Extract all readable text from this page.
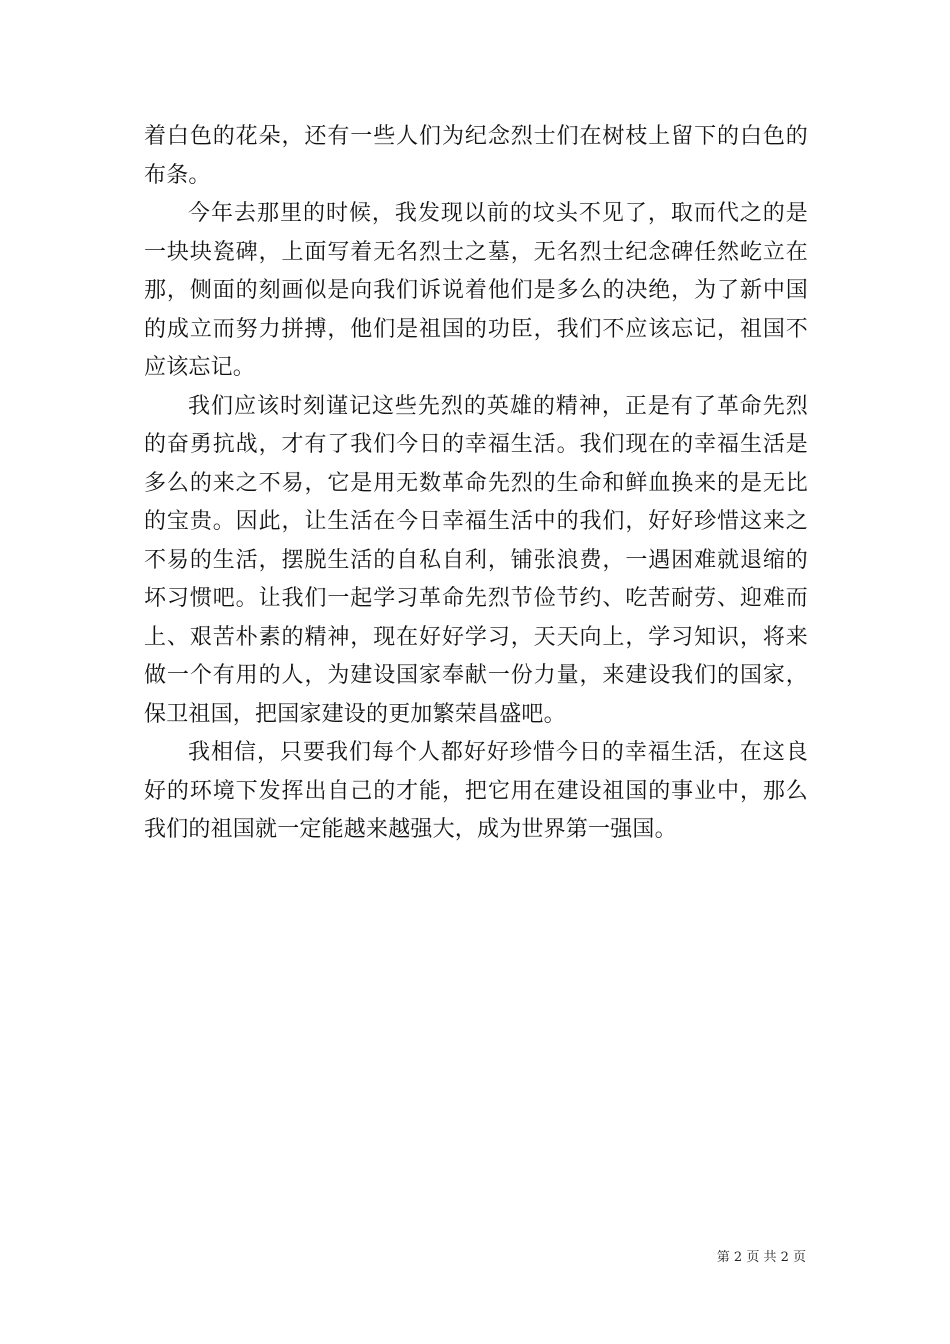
着白色的花朵，还有一些人们为纪念烈士们在树枝上留下的白色的布条。

今年去那里的时候，我发现以前的坟头不见了，取而代之的是一块块瓷碑，上面写着无名烈士之墓，无名烈士纪念碑任然屹立在那，侧面的刻画似是向我们诉说着他们是多么的决绝，为了新中国的成立而努力拼搏，他们是祖国的功臣，我们不应该忘记，祖国不应该忘记。

我们应该时刻谨记这些先烈的英雄的精神，正是有了革命先烈的奋勇抗战，才有了我们今日的幸福生活。我们现在的幸福生活是多么的来之不易，它是用无数革命先烈的生命和鲜血换来的是无比的宝贵。因此，让生活在今日幸福生活中的我们，好好珍惜这来之不易的生活，摆脱生活的自私自利，铺张浪费，一遇困难就退缩的坏习惯吧。让我们一起学习革命先烈节俭节约、吃苦耐劳、迎难而上、艰苦朴素的精神，现在好好学习，天天向上，学习知识，将来做一个有用的人，为建设国家奉献一份力量，来建设我们的国家，保卫祖国，把国家建设的更加繁荣昌盛吧。

我相信，只要我们每个人都好好珍惜今日的幸福生活，在这良好的环境下发挥出自己的才能，把它用在建设祖国的事业中，那么我们的祖国就一定能越来越强大，成为世界第一强国。

第 2 页 共 2 页
